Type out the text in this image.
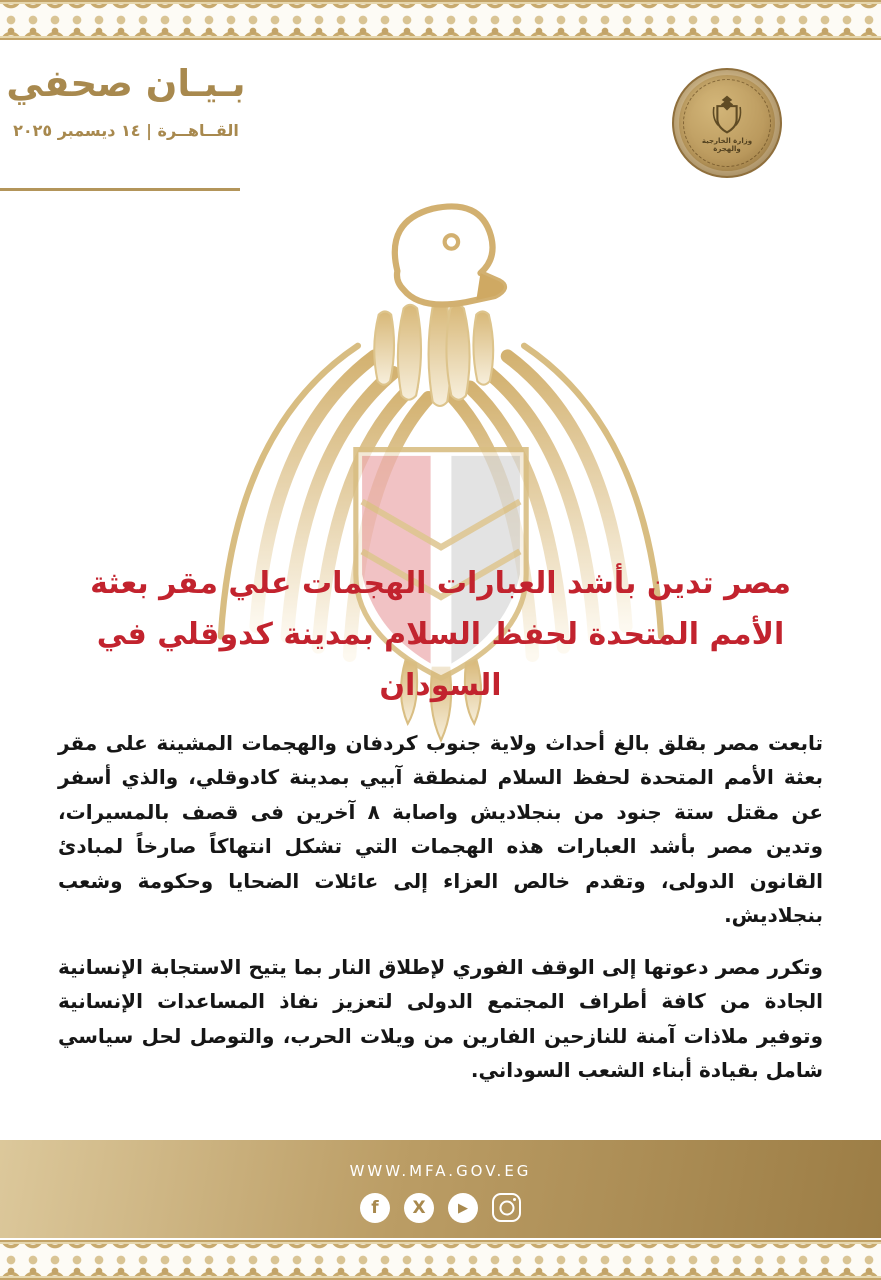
بـيـان صحفي
القــاهــرة | ١٤ ديسمبر ٢٠٢٥
وزارة الخارجية والهجرة
مصر تدين بأشد العبارات الهجمات علي مقر بعثة الأمم المتحدة لحفظ السلام بمدينة كدوقلي في السودان

تابعت مصر بقلق بالغ أحداث ولاية جنوب كردفان والهجمات المشينة على مقر بعثة الأمم المتحدة لحفظ السلام لمنطقة آبيي بمدينة كادوقلي، والذي أسفر عن مقتل ستة جنود من بنجلاديش واصابة ٨ آخرين فى قصف بالمسيرات، وتدين مصر بأشد العبارات هذه الهجمات التي تشكل انتهاكاً صارخاً لمبادئ القانون الدولى، وتقدم خالص العزاء إلى عائلات الضحايا وحكومة وشعب بنجلاديش.

وتكرر مصر دعوتها إلى الوقف الفوري لإطلاق النار بما يتيح الاستجابة الإنسانية الجادة من كافة أطراف المجتمع الدولى لتعزيز نفاذ المساعدات الإنسانية وتوفير ملاذات آمنة للنازحين الفارين من ويلات الحرب، والتوصل لحل سياسي شامل بقيادة أبناء الشعب السوداني.

WWW.MFA.GOV.EG
f	X	▶
